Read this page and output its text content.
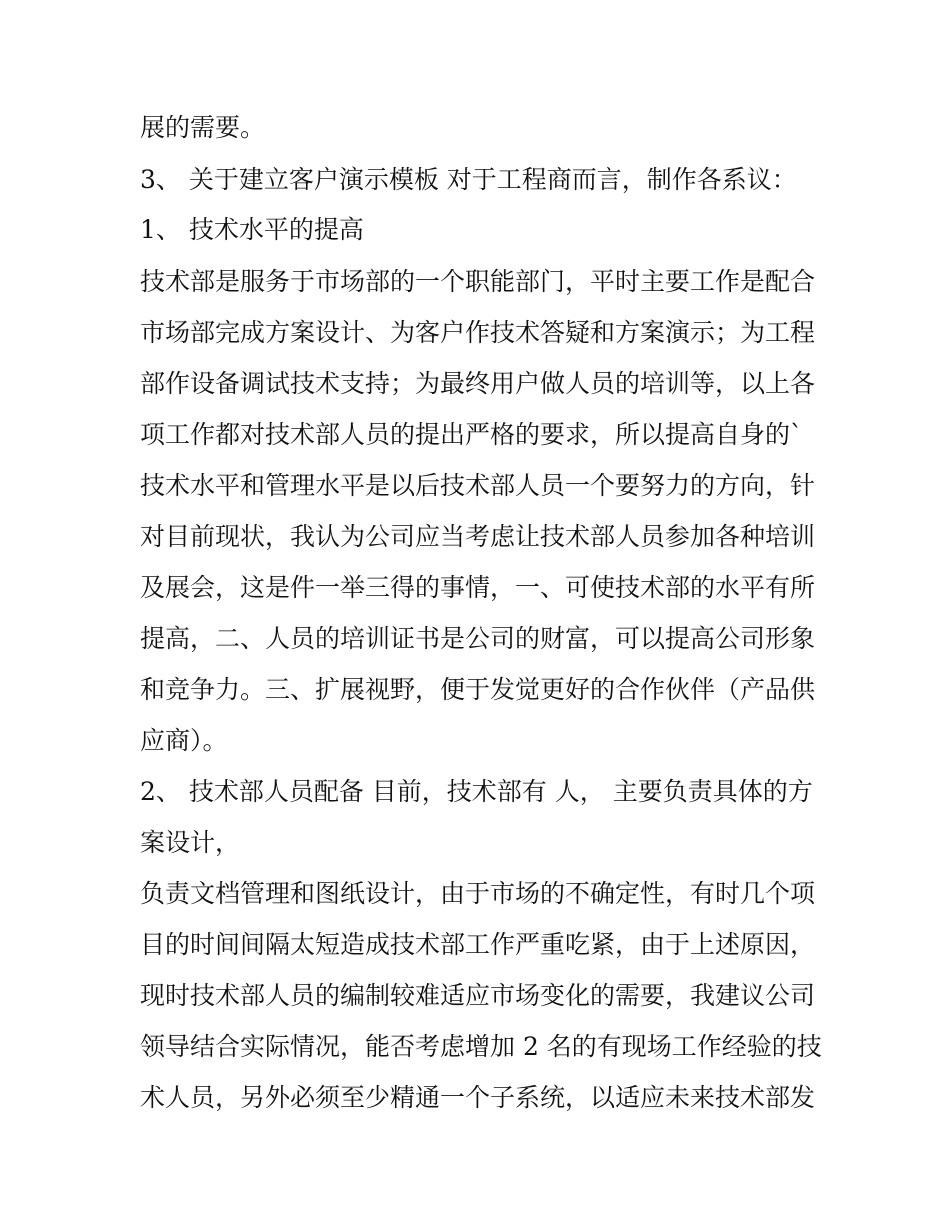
展的需要。
3、 关于建立客户演示模板 对于工程商而言，制作各系议：
1、 技术水平的提高
技术部是服务于市场部的一个职能部门，平时主要工作是配合
市场部完成方案设计、为客户作技术答疑和方案演示；为工程
部作设备调试技术支持；为最终用户做人员的培训等，以上各
项工作都对技术部人员的提出严格的要求，所以提高自身的`
技术水平和管理水平是以后技术部人员一个要努力的方向，针
对目前现状，我认为公司应当考虑让技术部人员参加各种培训
及展会，这是件一举三得的事情，一、可使技术部的水平有所
提高，二、人员的培训证书是公司的财富，可以提高公司形象
和竞争力。三、扩展视野，便于发觉更好的合作伙伴（产品供
应商）。
2、 技术部人员配备 目前，技术部有 人， 主要负责具体的方
案设计，
负责文档管理和图纸设计，由于市场的不确定性，有时几个项
目的时间间隔太短造成技术部工作严重吃紧，由于上述原因，
现时技术部人员的编制较难适应市场变化的需要，我建议公司
领导结合实际情况，能否考虑增加 2 名的有现场工作经验的技
术人员，另外必须至少精通一个子系统，以适应未来技术部发
